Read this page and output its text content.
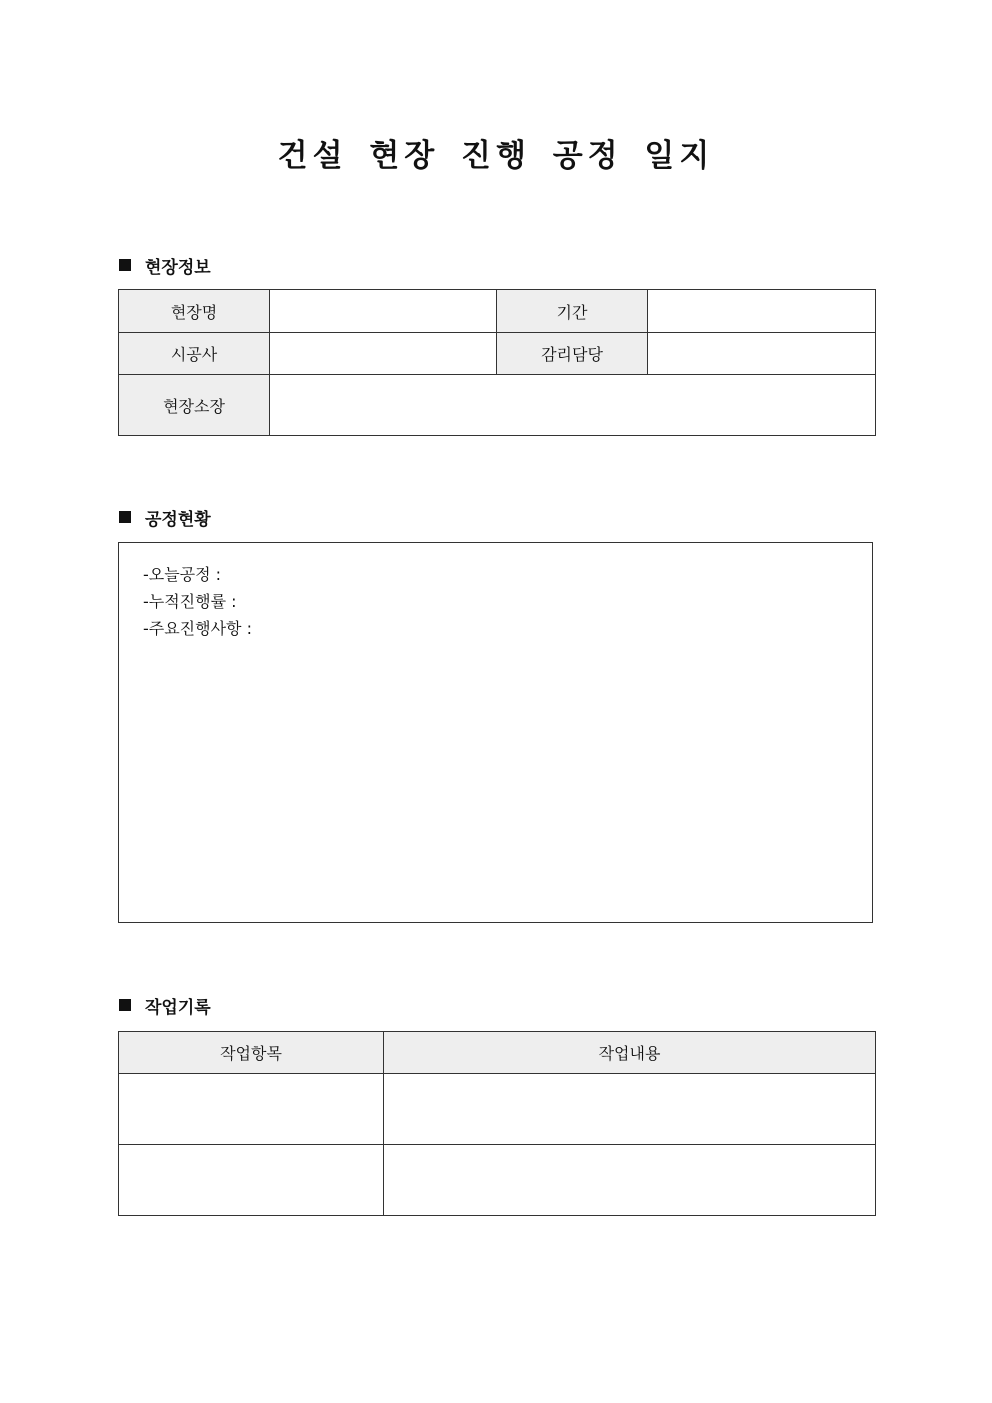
건설 현장 진행 공정 일지
현장정보
현장명		기간	
시공사		감리담당	
현장소장			
공정현황
-오늘공정 :
-누적진행률 :
-주요진행사항 :
작업기록
작업항목	작업내용
